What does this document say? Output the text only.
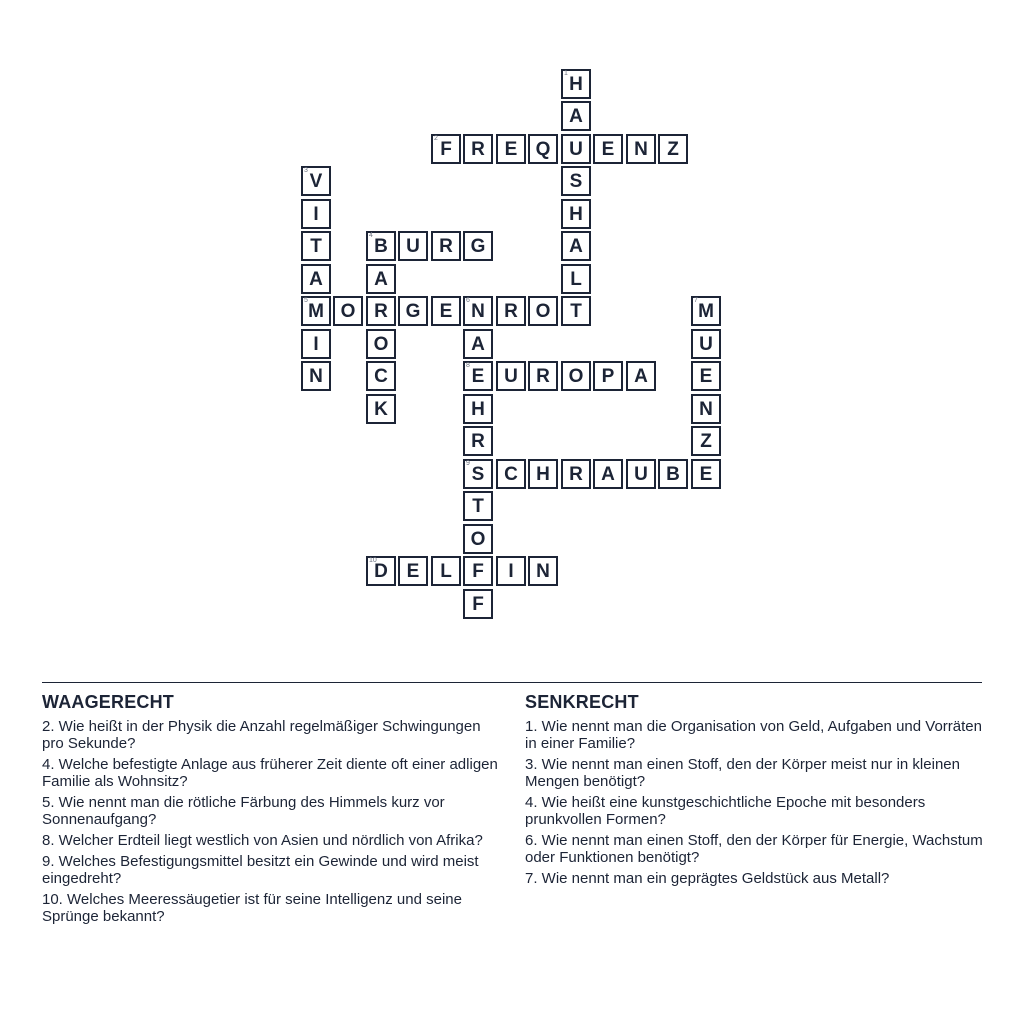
1
H
A
2
F	R	E Q U E	N	Z
3
V	S
I	H
T
4
B U	R G	A
A	A	L
5
M O R G	E
6
N	R O	T
7
M
I	O	A	U
N	C
8
E	U R O P	A	E
K	H	N
R	Z
9
S	C H	R A	U B	E
T
O
10
D E	L	F	I	N
F
WAAGERECHT

2. Wie heißt in der Physik die Anzahl regelmäßiger Schwingungen pro Sekunde?

4. Welche befestigte Anlage aus früherer Zeit diente oft einer adligen Familie als Wohnsitz?

5. Wie nennt man die rötliche Färbung des Himmels kurz vor Sonnenaufgang?

8. Welcher Erdteil liegt westlich von Asien und nördlich von Afrika?

9. Welches Befestigungsmittel besitzt ein Gewinde und wird meist eingedreht?

10. Welches Meeressäugetier ist für seine Intelligenz und seine Sprünge bekannt?

SENKRECHT

1. Wie nennt man die Organisation von Geld, Aufgaben und Vorräten in einer Familie?

3. Wie nennt man einen Stoff, den der Körper meist nur in kleinen Mengen benötigt?

4. Wie heißt eine kunstgeschichtliche Epoche mit besonders prunkvollen Formen?

6. Wie nennt man einen Stoff, den der Körper für Energie, Wachstum oder Funktionen benötigt?

7. Wie nennt man ein geprägtes Geldstück aus Metall?
